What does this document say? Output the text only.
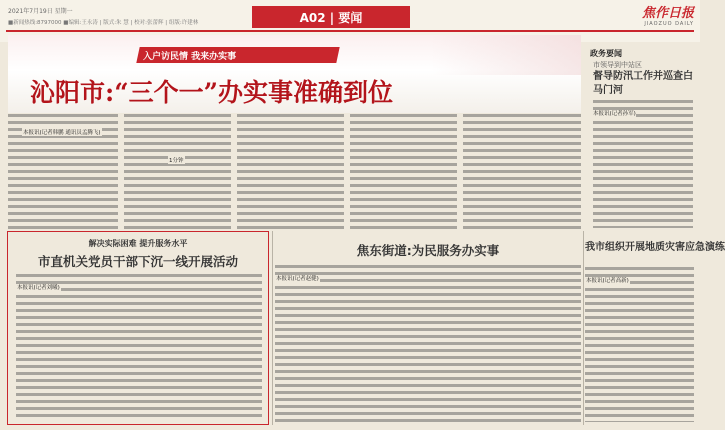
2021年7月19日 星期一
■新闻热线:8797000 ■编辑:王永涛 | 版式:朱 慧 | 校对:张蕾辉 | 组版:许建林	A02 | 要闻	焦作日报
JIAOZUO DAILY
入户访民情 我来办实事
沁阳市:“三个一”办实事准确到位
本报讯(记者韩鹏 通讯员孟腾飞)
1分钟
政务要闻
市领导到中站区
督导防汛工作并巡查白马门河
本报讯(记者孙军)
解决实际困难 提升服务水平
市直机关党员干部下沉一线开展活动
本报讯(记者刘曦)
焦东街道:为民服务办实事
本报讯(记者赵健)
我市组织开展地质灾害应急演练
本报讯(记者高新)
